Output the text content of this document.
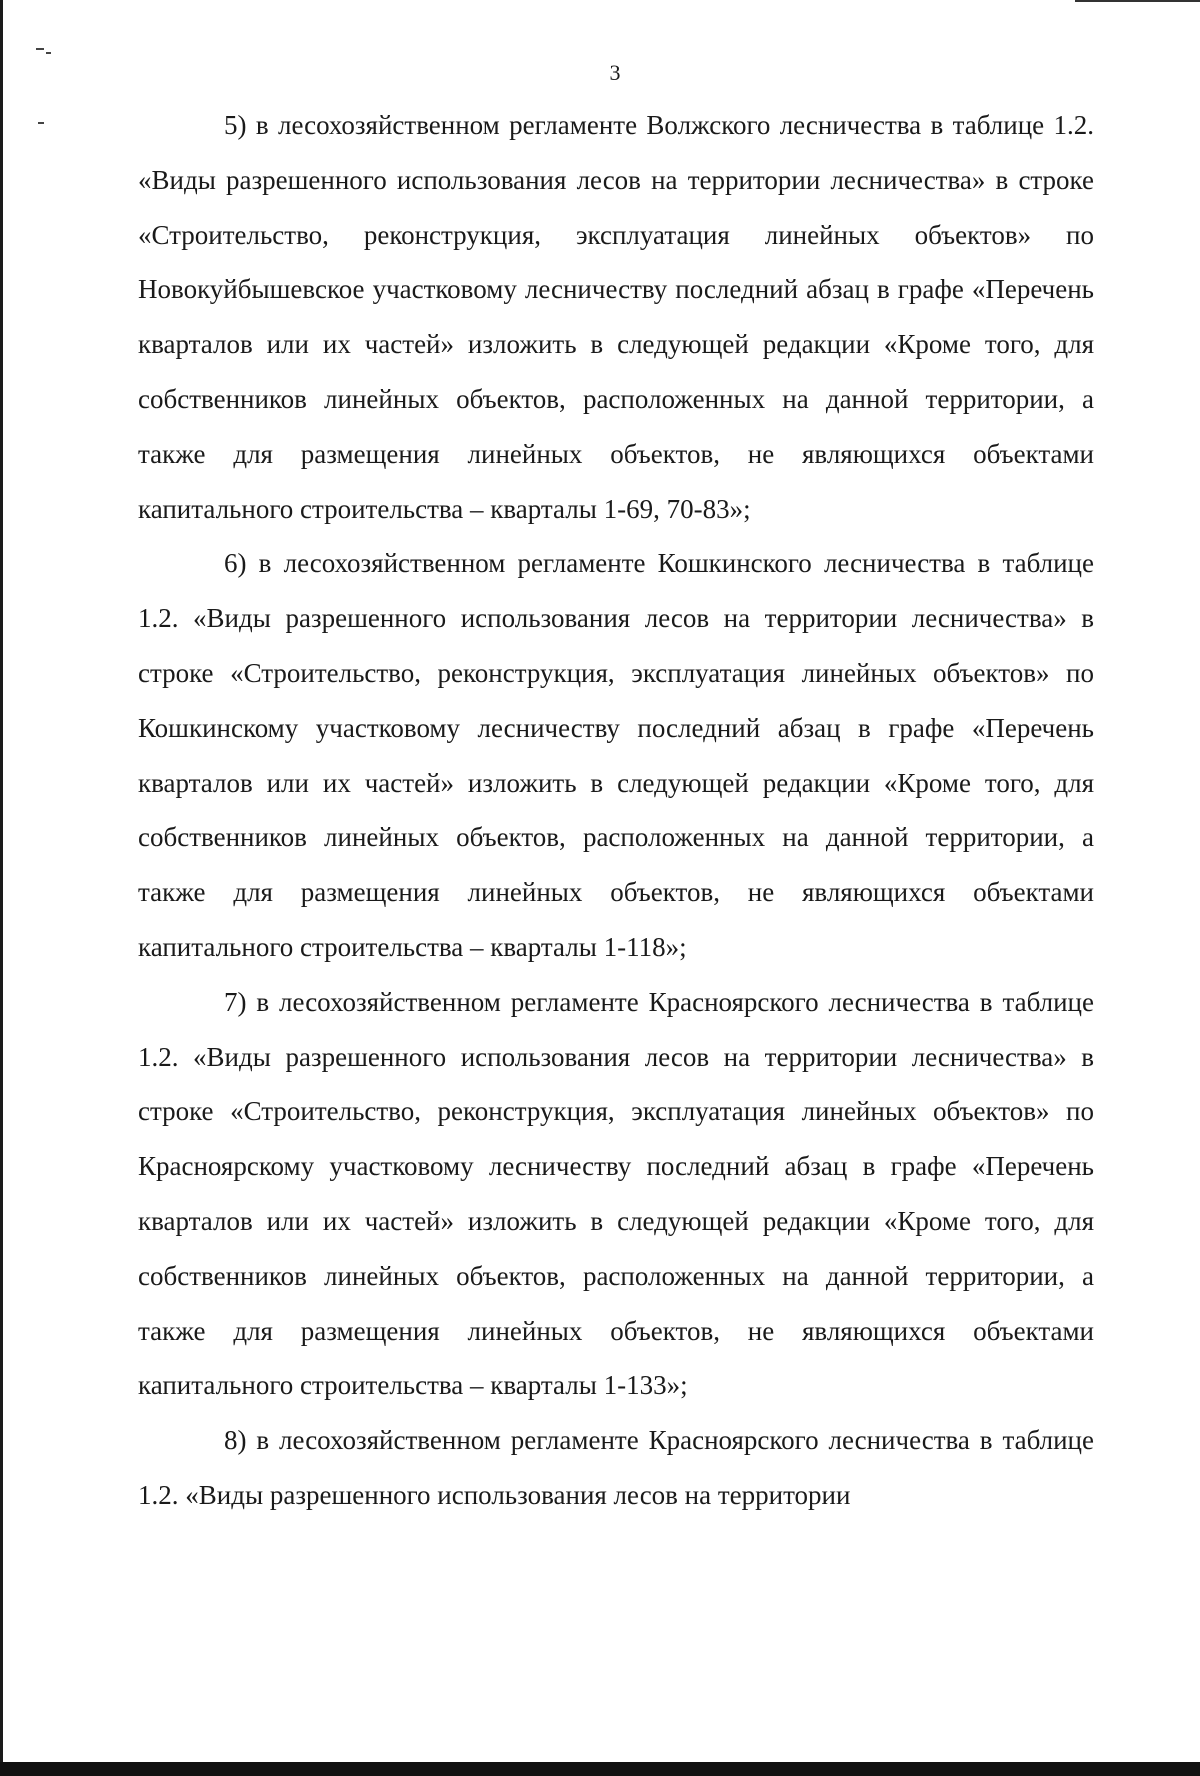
3

5) в лесохозяйственном регламенте Волжского лесничества в таблице 1.2. «Виды разрешенного использования лесов на территории лесничества» в строке «Строительство, реконструкция, эксплуатация линейных объектов» по Новокуйбышевское участковому лесничеству последний абзац в графе «Перечень кварталов или их частей» изложить в следующей редакции «Кроме того, для собственников линейных объектов, расположенных на данной территории, а также для размещения линейных объектов, не являющихся объектами капитального строительства – кварталы 1-69, 70-83»;

6) в лесохозяйственном регламенте Кошкинского лесничества в таблице 1.2. «Виды разрешенного использования лесов на территории лесничества» в строке «Строительство, реконструкция, эксплуатация линейных объектов» по Кошкинскому участковому лесничеству последний абзац в графе «Перечень кварталов или их частей» изложить в следующей редакции «Кроме того, для собственников линейных объектов, расположенных на данной территории, а также для размещения линейных объектов, не являющихся объектами капитального строительства – кварталы 1-118»;

7) в лесохозяйственном регламенте Красноярского лесничества в таблице 1.2. «Виды разрешенного использования лесов на территории лесничества» в строке «Строительство, реконструкция, эксплуатация линейных объектов» по Красноярскому участковому лесничеству последний абзац в графе «Перечень кварталов или их частей» изложить в следующей редакции «Кроме того, для собственников линейных объектов, расположенных на данной территории, а также для размещения линейных объектов, не являющихся объектами капитального строительства – кварталы 1-133»;

8) в лесохозяйственном регламенте Красноярского лесничества в таблице 1.2. «Виды разрешенного использования лесов на территории
